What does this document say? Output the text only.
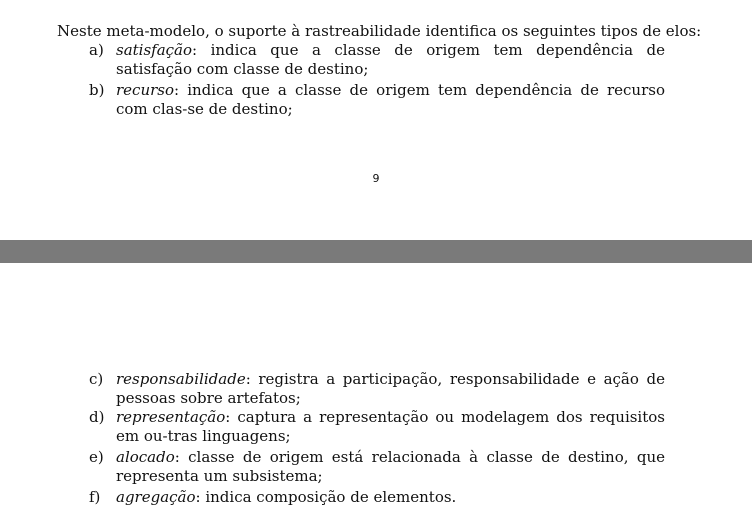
Neste meta-modelo, o suporte à rastreabilidade identifica os seguintes tipos de elos:
a) satisfação: indica que a classe de origem tem dependência de satisfação com classe de destino;
b) recurso: indica que a classe de origem tem dependência de recurso com clas-se de destino;
9
c) responsabilidade: registra a participação, responsabilidade e ação de pessoas sobre artefatos;
d) representação: captura a representação ou modelagem dos requisitos em ou-tras linguagens;
e) alocado: classe de origem está relacionada à classe de destino, que representa um subsistema;
f)	agregação: indica composição de elementos.
